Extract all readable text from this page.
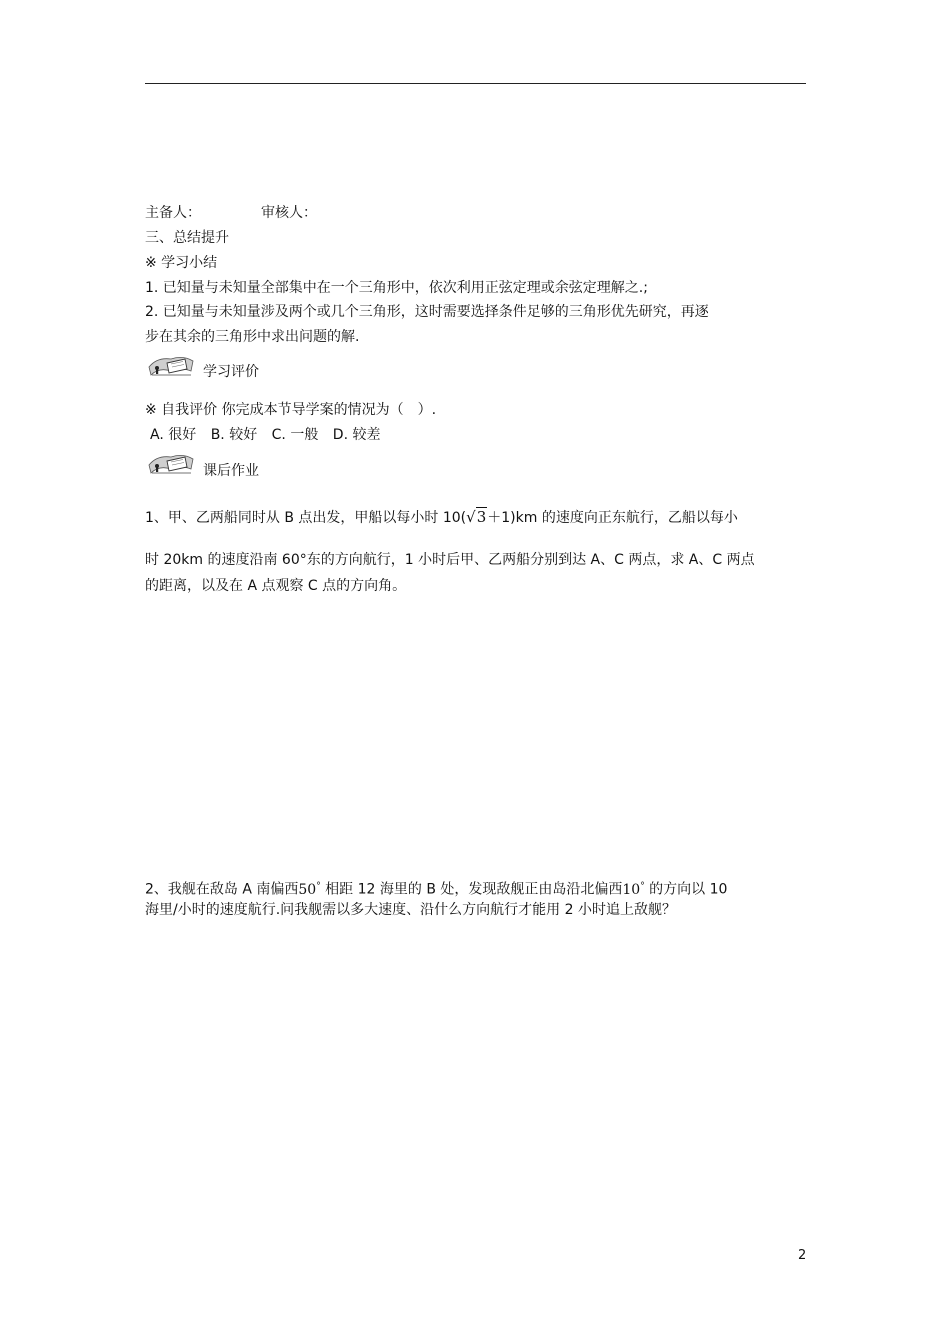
主备人：	审核人：
三、总结提升
※ 学习小结
1. 已知量与未知量全部集中在一个三角形中，依次利用正弦定理或余弦定理解之.;
2. 已知量与未知量涉及两个或几个三角形，这时需要选择条件足够的三角形优先研究，再逐
步在其余的三角形中求出问题的解.
学习评价
※ 自我评价 你完成本节导学案的情况为（　）.
A. 很好 B. 较好 C. 一般 D. 较差
课后作业
1、甲、乙两船同时从 B 点出发，甲船以每小时 10(√3＋1)km 的速度向正东航行，乙船以每小
时 20km 的速度沿南 60°东的方向航行，1 小时后甲、乙两船分别到达 A、C 两点，求 A、C 两点
的距离，以及在 A 点观察 C 点的方向角。
2、我舰在敌岛 A 南偏西50° 相距 12 海里的 B 处，发现敌舰正由岛沿北偏西10° 的方向以 10
海里/小时的速度航行.问我舰需以多大速度、沿什么方向航行才能用 2 小时追上敌舰？
2
